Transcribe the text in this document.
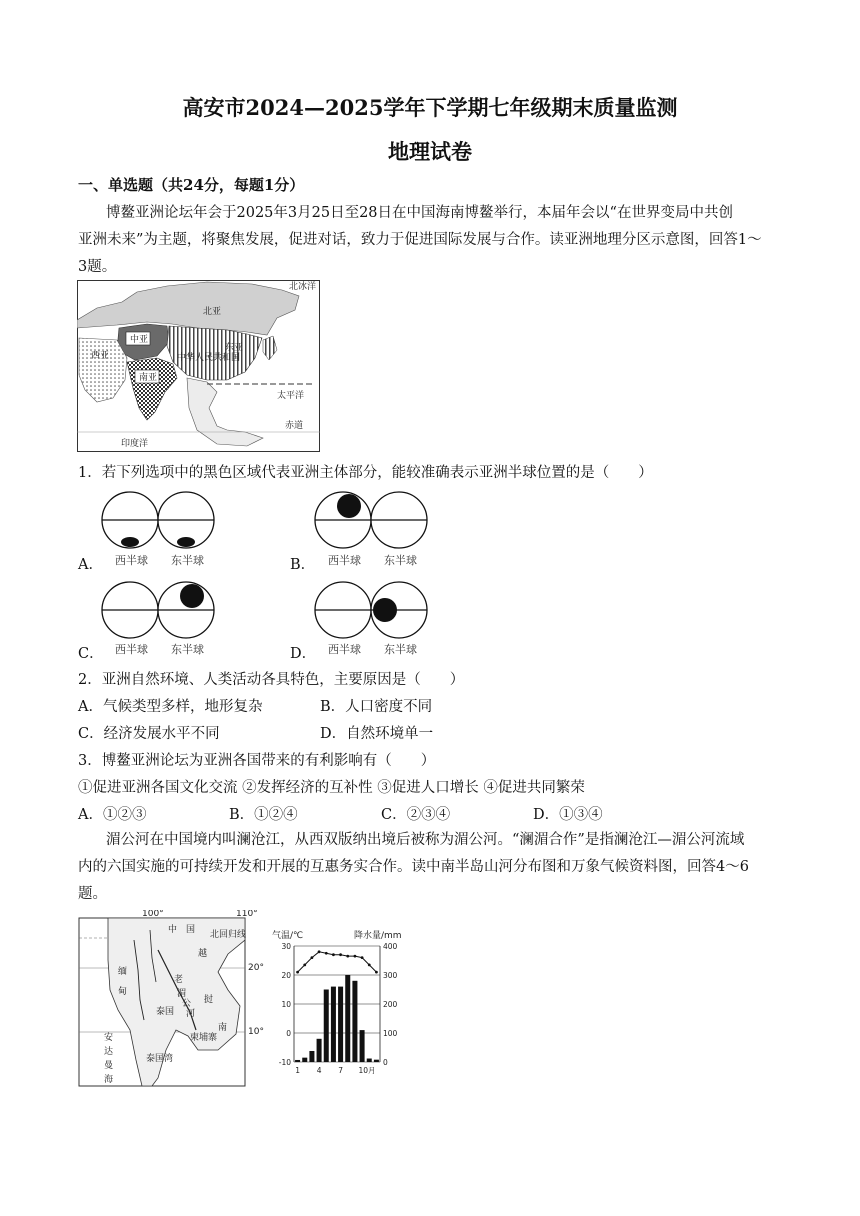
高安市2024—2025学年下学期七年级期末质量监测
地理试卷
一、单选题（共24分，每题1分）
博鳌亚洲论坛年会于2025年3月25日至28日在中国海南博鳌举行，本届年会以“在世界变局中共创
亚洲未来”为主题，将聚焦发展，促进对话，致力于促进国际发展与合作。读亚洲地理分区示意图，回答1～
3题。
北冰洋
北亚
中亚
东亚
中华人民共和国
西亚
南亚
太平洋
赤道
印度洋
1．若下列选项中的黑色区域代表亚洲主体部分，能较准确表示亚洲半球位置的是（　　）
A． 西半球 东半球	B． 西半球 东半球
C． 西半球 东半球	D． 西半球 东半球
2．亚洲自然环境、人类活动各具特色，主要原因是（　　）
A．气候类型多样，地形复杂	B．人口密度不同
C．经济发展水平不同	D．自然环境单一
3．博鳌亚洲论坛为亚洲各国带来的有利影响有（　　）
①促进亚洲各国文化交流 ②发挥经济的互补性 ③促进人口增长 ④促进共同繁荣
A．①②③	B．①②④	C．②③④	D．①③④
湄公河在中国境内叫澜沧江，从西双版纳出境后被称为湄公河。“澜湄合作”是指澜沧江—湄公河流域
内的六国实施的可持续开发和开展的互惠务实合作。读中南半岛山河分布图和万象气候资料图，回答4～6
题。
100°	110°
中　国 北回归线
20°
10°
缅
甸
老
越
南
泰国
柬埔寨
泰国湾
安
达
曼
海
湄
公
河
挝
气温/℃	降水量/mm
30	400
20	300
10	200
0	100
-10	0
1 4 7 10月
